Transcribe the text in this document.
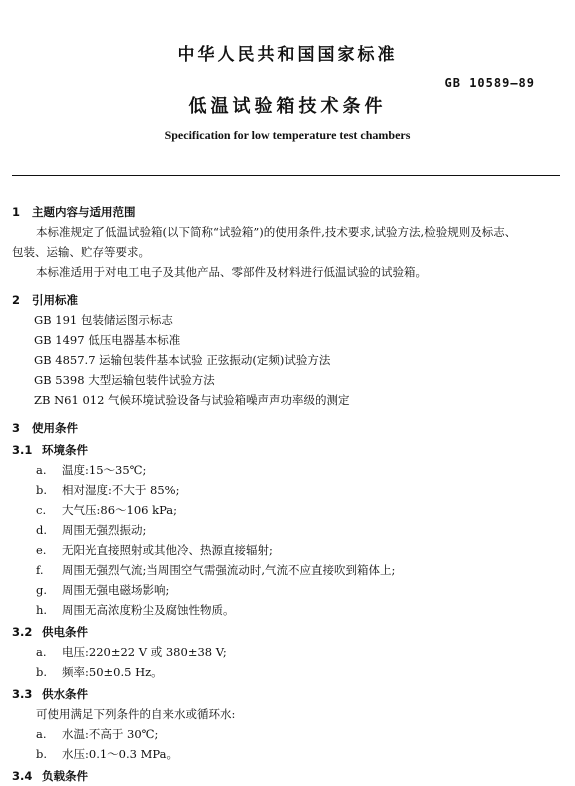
中华人民共和国国家标准
GB 10589—89
低温试验箱技术条件
Specification for low temperature test chambers
1 主题内容与适用范围
本标准规定了低温试验箱(以下简称“试验箱”)的使用条件,技术要求,试验方法,检验规则及标志、
包装、运输、贮存等要求。
本标准适用于对电工电子及其他产品、零部件及材料进行低温试验的试验箱。
2 引用标准
GB 191 包装储运图示标志
GB 1497 低压电器基本标准
GB 4857.7 运输包装件基本试验 正弦振动(定频)试验方法
GB 5398 大型运输包装件试验方法
ZB N61 012 气候环境试验设备与试验箱噪声声功率级的测定
3 使用条件
3.1 环境条件
a. 温度:15～35℃;
b. 相对湿度:不大于 85%;
c. 大气压:86～106 kPa;
d. 周围无强烈振动;
e. 无阳光直接照射或其他冷、热源直接辐射;
f. 周围无强烈气流;当周围空气需强流动时,气流不应直接吹到箱体上;
g. 周围无强电磁场影响;
h. 周围无高浓度粉尘及腐蚀性物质。
3.2 供电条件
a. 电压:220±22 V 或 380±38 V;
b. 频率:50±0.5 Hz。
3.3 供水条件
可使用满足下列条件的自来水或循环水:
a. 水温:不高于 30℃;
b. 水压:0.1～0.3 MPa。
3.4 负载条件
